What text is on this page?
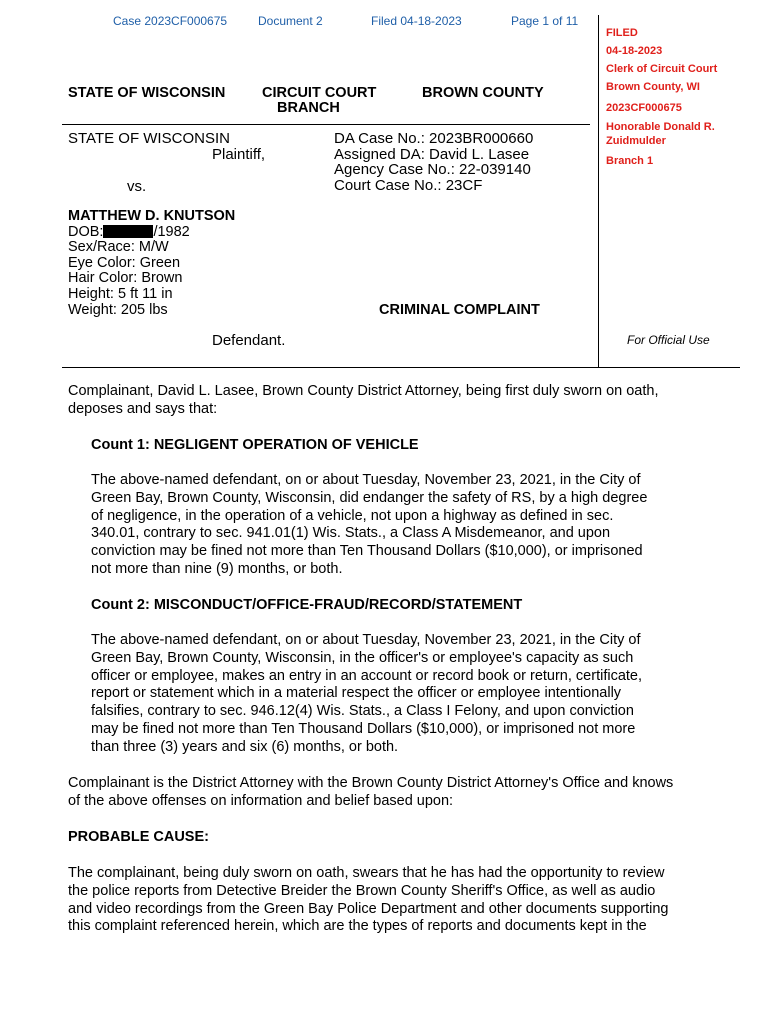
Case 2023CF000675	Document 2	Filed 04-18-2023	Page 1 of 11
FILED
04-18-2023
Clerk of Circuit Court
Brown County, WI
2023CF000675
Honorable Donald R.
Zuidmulder
Branch 1
STATE OF WISCONSIN	CIRCUIT COURT
BRANCH
BROWN COUNTY
STATE OF WISCONSIN
Plaintiff,
vs.
MATTHEW D. KNUTSON
DOB:	/1982
Sex/Race: M/W
Eye Color: Green
Hair Color: Brown
Height: 5 ft 11 in
Weight: 205 lbs
Defendant.
DA Case No.: 2023BR000660
Assigned DA: David L. Lasee
Agency Case No.: 22-039140
Court Case No.: 23CF
CRIMINAL COMPLAINT
For Official Use
Complainant, David L. Lasee, Brown County District Attorney, being first duly sworn on oath,
deposes and says that:
Count 1: NEGLIGENT OPERATION OF VEHICLE
The above-named defendant, on or about Tuesday, November 23, 2021, in the City of
Green Bay, Brown County, Wisconsin, did endanger the safety of RS, by a high degree
of negligence, in the operation of a vehicle, not upon a highway as defined in sec.
340.01, contrary to sec. 941.01(1) Wis. Stats., a Class A Misdemeanor, and upon
conviction may be fined not more than Ten Thousand Dollars ($10,000), or imprisoned
not more than nine (9) months, or both.
Count 2: MISCONDUCT/OFFICE-FRAUD/RECORD/STATEMENT
The above-named defendant, on or about Tuesday, November 23, 2021, in the City of
Green Bay, Brown County, Wisconsin, in the officer's or employee's capacity as such
officer or employee, makes an entry in an account or record book or return, certificate,
report or statement which in a material respect the officer or employee intentionally
falsifies, contrary to sec. 946.12(4) Wis. Stats., a Class I Felony, and upon conviction
may be fined not more than Ten Thousand Dollars ($10,000), or imprisoned not more
than three (3) years and six (6) months, or both.
Complainant is the District Attorney with the Brown County District Attorney's Office and knows
of the above offenses on information and belief based upon:
PROBABLE CAUSE:
The complainant, being duly sworn on oath, swears that he has had the opportunity to review
the police reports from Detective Breider the Brown County Sheriff's Office, as well as audio
and video recordings from the Green Bay Police Department and other documents supporting
this complaint referenced herein, which are the types of reports and documents kept in the
